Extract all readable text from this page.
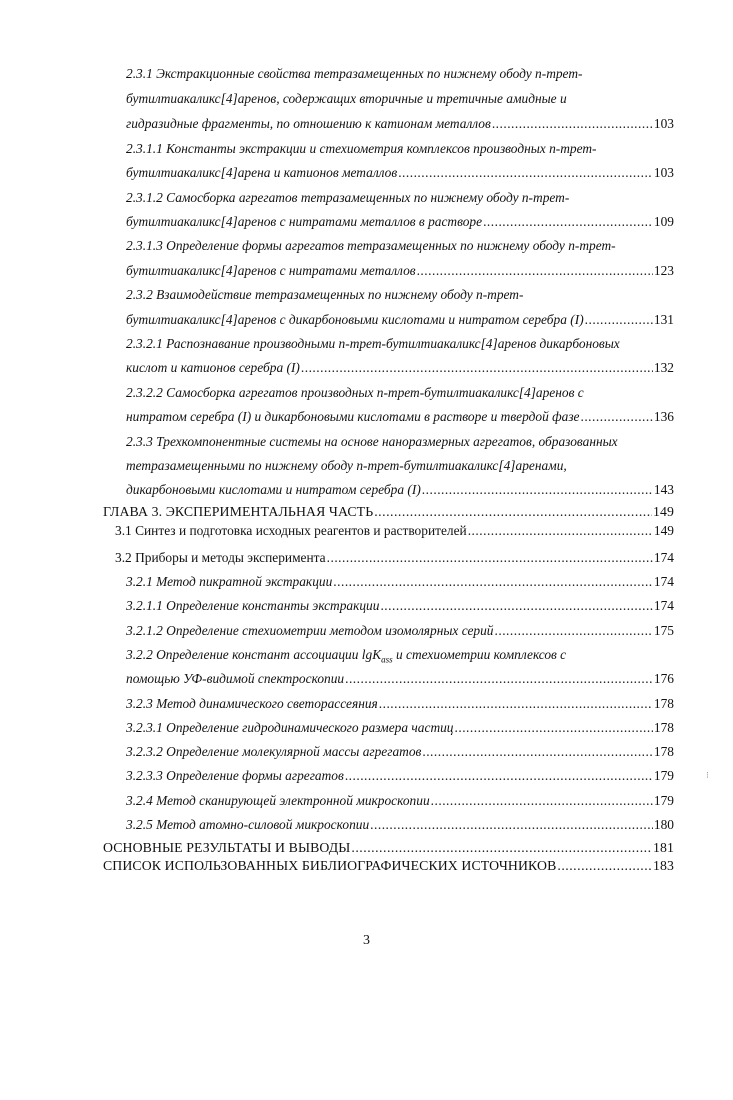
2.3.1 Экстракционные свойства тетразамещенных по нижнему ободу n-трет-
бутилтиакаликс[4]аренов, содержащих вторичные и третичные амидные и
гидразидные фрагменты, по отношению к катионам металлов .....	103
2.3.1.1 Константы экстракции и стехиометрия комплексов производных n-трет-
бутилтиакаликс[4]арена и катионов металлов .....	103
2.3.1.2 Самосборка агрегатов тетразамещенных по нижнему ободу n-трет-
бутилтиакаликс[4]аренов с нитратами металлов в растворе .....	109
2.3.1.3 Определение формы агрегатов тетразамещенных по нижнему ободу n-трет-
бутилтиакаликс[4]аренов с нитратами металлов .....	123
2.3.2 Взаимодействие тетразамещенных по нижнему ободу n-трет-
бутилтиакаликс[4]аренов с дикарбоновыми кислотами и нитратом серебра (I) .....	131
2.3.2.1 Распознавание производными n-трет-бутилтиакаликс[4]аренов дикарбоновых
кислот и катионов серебра (I) .....	132
2.3.2.2 Самосборка агрегатов производных n-трет-бутилтиакаликс[4]аренов с
нитратом серебра (I) и дикарбоновыми кислотами в растворе и твердой фазе .....	136
2.3.3 Трехкомпонентные системы на основе наноразмерных агрегатов, образованных
тетразамещенными по нижнему ободу n-трет-бутилтиакаликс[4]аренами,
дикарбоновыми кислотами и нитратом серебра (I) .....	143
ГЛАВА 3. ЭКСПЕРИМЕНТАЛЬНАЯ ЧАСТЬ .....	149
3.1 Синтез и подготовка исходных реагентов и растворителей .....	149
3.2 Приборы и методы эксперимента .....	174
3.2.1 Метод пикратной экстракции .....	174
3.2.1.1 Определение константы экстракции .....	174
3.2.1.2 Определение стехиометрии методом изомолярных серий .....	175
3.2.2 Определение констант ассоциации lgK$_{ass}$ и стехиометрии комплексов с
помощью УФ-видимой спектроскопии .....	176
3.2.3 Метод динамического светорассеяния .....	178
3.2.3.1 Определение гидродинамического размера частиц .....	178
3.2.3.2 Определение молекулярной массы агрегатов .....	178
3.2.3.3 Определение формы агрегатов .....	179
3.2.4 Метод сканирующей электронной микроскопии .....	179
3.2.5 Метод атомно-силовой микроскопии .....	180
ОСНОВНЫЕ РЕЗУЛЬТАТЫ И ВЫВОДЫ .....	181
СПИСОК ИСПОЛЬЗОВАННЫХ БИБЛИОГРАФИЧЕСКИХ ИСТОЧНИКОВ .....	183
3
⁝
